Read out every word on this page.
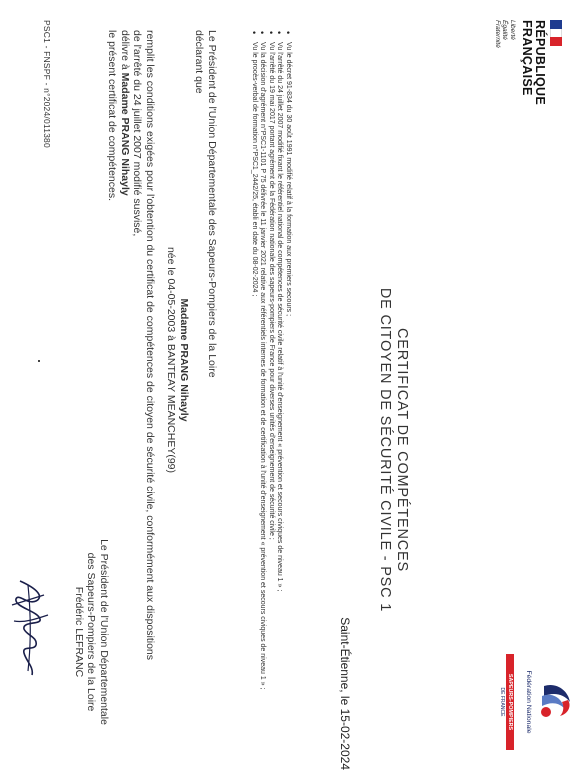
RÉPUBLIQUE
FRANÇAISE
Liberté
Égalité
Fraternité
Fédération Nationale
SAPEURS-POMPIERS
DE FRANCE
CERTIFICAT DE COMPÉTENCES
DE CITOYEN DE SÉCURITÉ CIVILE - PSC 1
Saint-Étienne, le 15-02-2024
• Vu le décret 91-834 du 30 août 1991 modifié relatif à la formation aux premiers secours ;
• Vu l'arrêté du 24 juillet 2007 modifié fixant le référentiel national de compétences de sécurité civile relatif à l'unité d'enseignement « prévention et secours civiques de niveau 1 » ;
• Vu l'arrêté du 19 mai 2017 portant agrément de la Fédération nationale des sapeurs-pompiers de France pour diverses unités d'enseignement de sécurité civile ;
• Vu la décision d'agrément n°PSC1-1101 P 75 délivrée le 11 janvier 2021 relative aux référentiels internes de formation et de certification à l'unité d'enseignement « prévention et secours civiques de niveau 1 » ;
• Vu le procès-verbal de formation n°PSC1_2442/25, établi en date du 08-02-2024 ;
Le Président de l'Union Départementale des Sapeurs-Pompiers de la Loire
déclarant que
Madame PRANG Nihayly
née le 04-05-2003 à BANTEAY MEANCHEY(99)
remplit les conditions exigées pour l'obtention du certificat de compétences de citoyen de sécurité civile, conformément aux dispositions
de l'arrêté du 24 juillet 2007 modifié susvisé,
délivre à Madame PRANG Nihayly
le présent certificat de compétences.
Le Président de l'Union Départementale
des Sapeurs-Pompiers de la Loire
Frédéric LEFRANC
PSC1 - FNSPF - n°2024/011380
